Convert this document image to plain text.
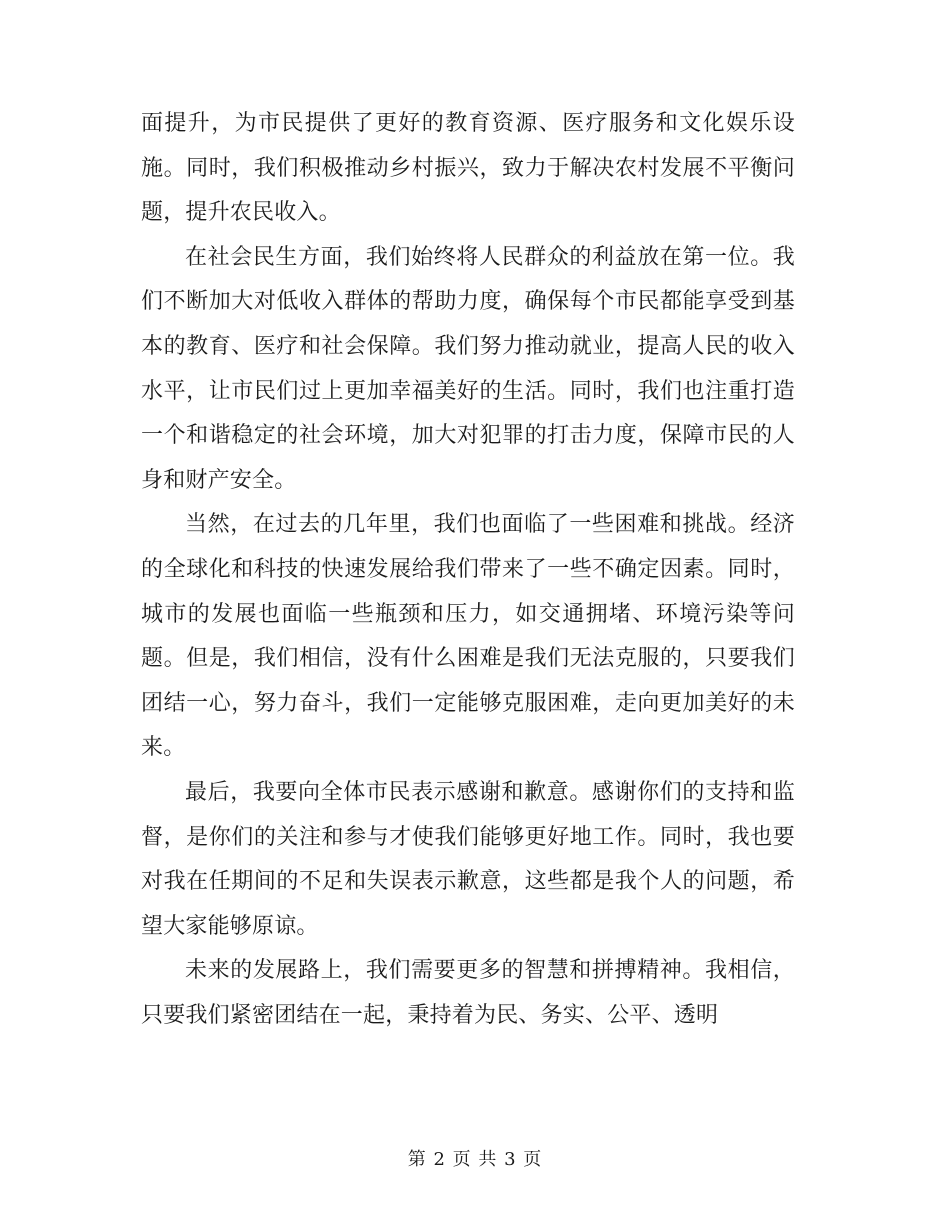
面提升，为市民提供了更好的教育资源、医疗服务和文化娱乐设施。同时，我们积极推动乡村振兴，致力于解决农村发展不平衡问题，提升农民收入。

在社会民生方面，我们始终将人民群众的利益放在第一位。我们不断加大对低收入群体的帮助力度，确保每个市民都能享受到基本的教育、医疗和社会保障。我们努力推动就业，提高人民的收入水平，让市民们过上更加幸福美好的生活。同时，我们也注重打造一个和谐稳定的社会环境，加大对犯罪的打击力度，保障市民的人身和财产安全。

当然，在过去的几年里，我们也面临了一些困难和挑战。经济的全球化和科技的快速发展给我们带来了一些不确定因素。同时，城市的发展也面临一些瓶颈和压力，如交通拥堵、环境污染等问题。但是，我们相信，没有什么困难是我们无法克服的，只要我们团结一心，努力奋斗，我们一定能够克服困难，走向更加美好的未来。

最后，我要向全体市民表示感谢和歉意。感谢你们的支持和监督，是你们的关注和参与才使我们能够更好地工作。同时，我也要对我在任期间的不足和失误表示歉意，这些都是我个人的问题，希望大家能够原谅。

未来的发展路上，我们需要更多的智慧和拼搏精神。我相信，只要我们紧密团结在一起，秉持着为民、务实、公平、透明

第 2 页 共 3 页
